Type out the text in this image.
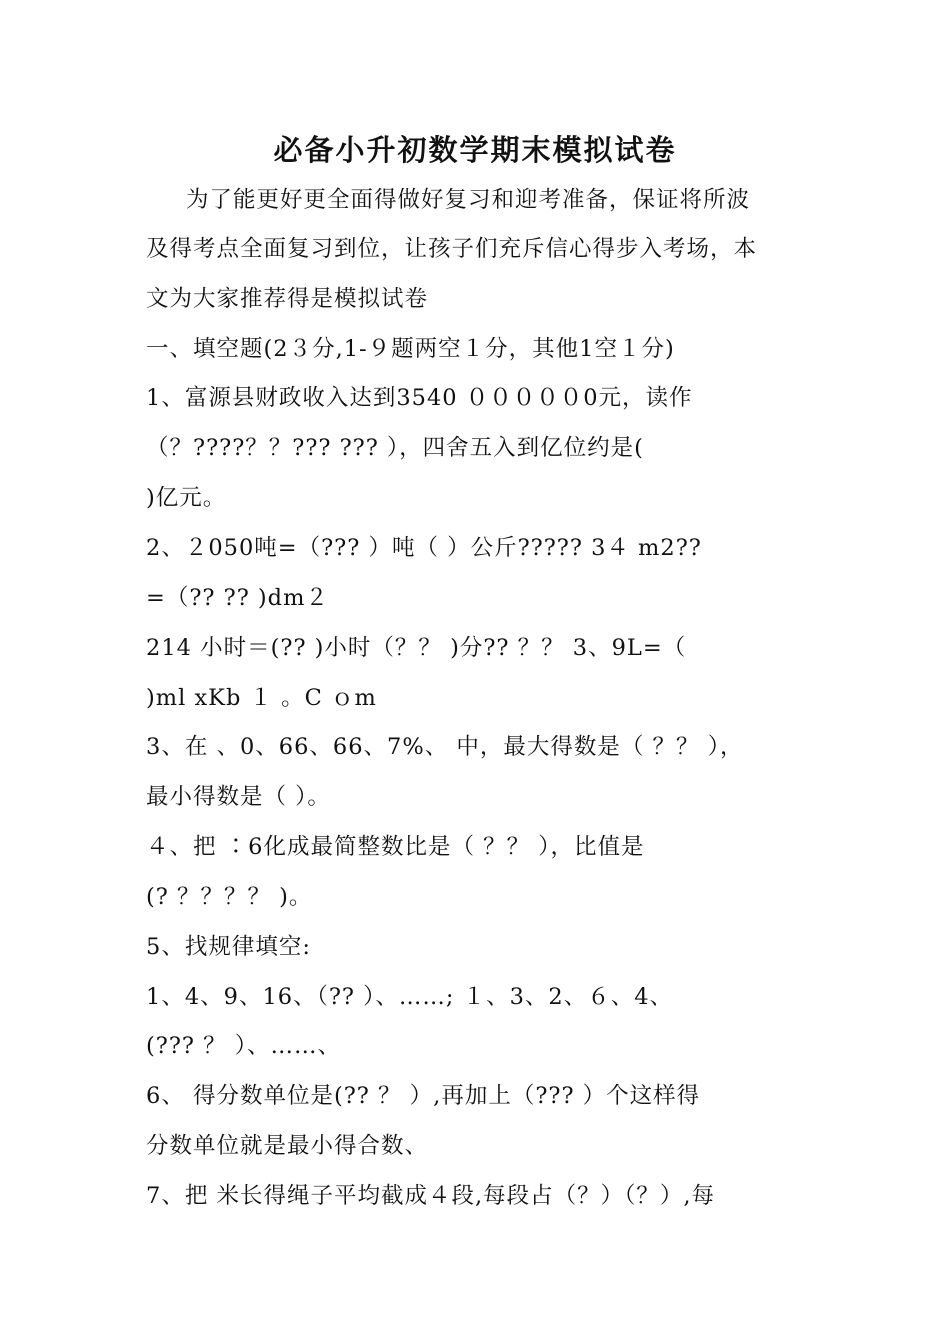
必备小升初数学期末模拟试卷
为了能更好更全面得做好复习和迎考准备，保证将所波
及得考点全面复习到位，让孩子们充斥信心得步入考场，本
文为大家推荐得是模拟试卷
一、填空题(2３分,1-９题两空１分，其他1空１分)
1、富源县财政收入达到3540 ０００００0元，读作
（？????？？??? ??? ），四舍五入到亿位约是(
)亿元。
2、２050吨=（??? ）吨（ ）公斤????? 3４ m2??
=（?? ?? )dm２
214 小时＝(?? )小时（？？ )分?? ？？ 3、9L=（
)ml xKb １ 。C ｏm
3、在 、0、66、66、7%、 中，最大得数是（ ？？ ），
最小得数是（ ）。
４、把 ∶6化成最简整数比是（ ？？ ），比值是
(? ？？？？ )。
5、找规律填空:
1、4、9、16、（?? ）、……; １、3、2、６、4、
(??? ？ ）、……、
6、 得分数单位是(?? ？ ）,再加上（??? ）个这样得
分数单位就是最小得合数、
7、把 米长得绳子平均截成４段,每段占（？）（？）,每
